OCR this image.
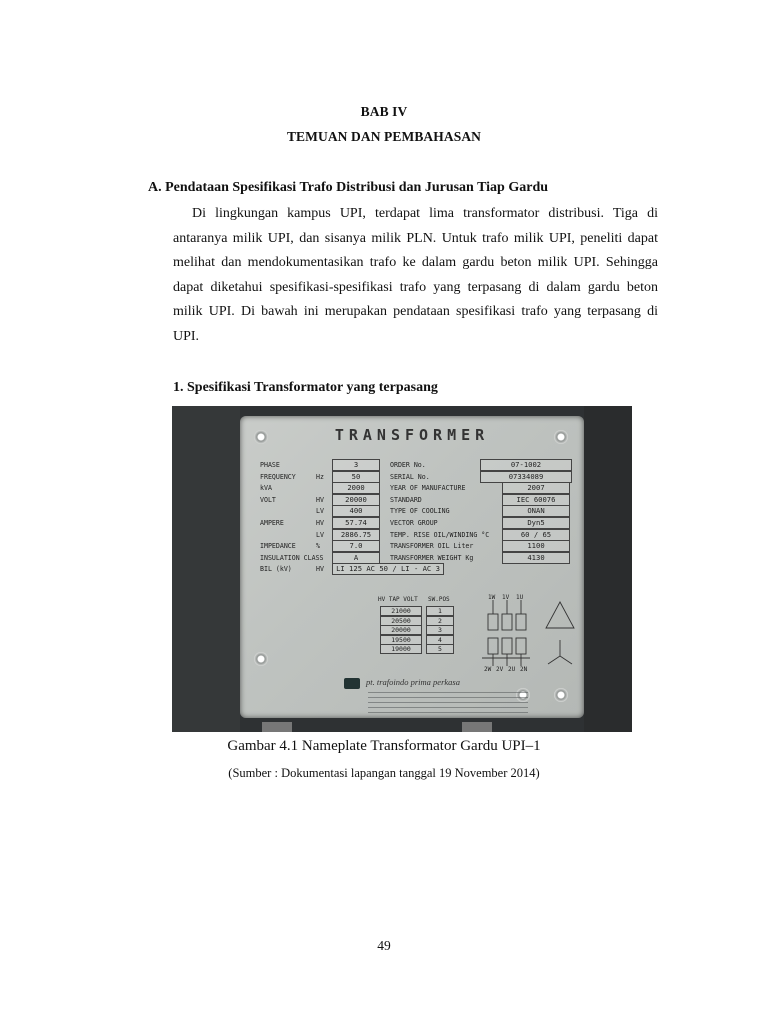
BAB IV
TEMUAN DAN PEMBAHASAN
A. Pendataan Spesifikasi Trafo Distribusi dan Jurusan Tiap Gardu
Di lingkungan kampus UPI, terdapat lima transformator distribusi. Tiga di antaranya milik UPI, dan sisanya milik PLN. Untuk trafo milik UPI, peneliti dapat melihat dan mendokumentasikan trafo ke dalam gardu beton milik UPI. Sehingga dapat diketahui spesifikasi-spesifikasi trafo yang terpasang di dalam gardu beton milik UPI. Di bawah ini merupakan pendataan spesifikasi trafo yang terpasang di UPI.
1. Spesifikasi Transformator yang terpasang
TRANSFORMER
PHASE	3
FREQUENCY	Hz	50
kVA	2000
VOLT	HV	20000
LV	400
AMPERE	HV	57.74
LV	2886.75
IMPEDANCE	%	7.0
INSULATION CLASS	A
BIL (kV)	HV	LI 125 AC 50 / LI - AC 3
ORDER No.	07-1002
SERIAL No.	07334089
YEAR OF MANUFACTURE	2007
STANDARD	IEC 60076
TYPE OF COOLING	ONAN
VECTOR GROUP	Dyn5
TEMP. RISE OIL/WINDING °C	60 / 65
TRANSFORMER OIL Liter	1100
TRANSFORMER WEIGHT Kg	4130
HV TAP VOLT SW.POS
21000	1
20500	2
20000	3
19500	4
19000	5
1W 1V 1U
2W 2V 2U 2N
pt. trafoindo prima perkasa
Gambar 4.1 Nameplate Transformator Gardu UPI–1
(Sumber : Dokumentasi lapangan tanggal 19 November 2014)
49
